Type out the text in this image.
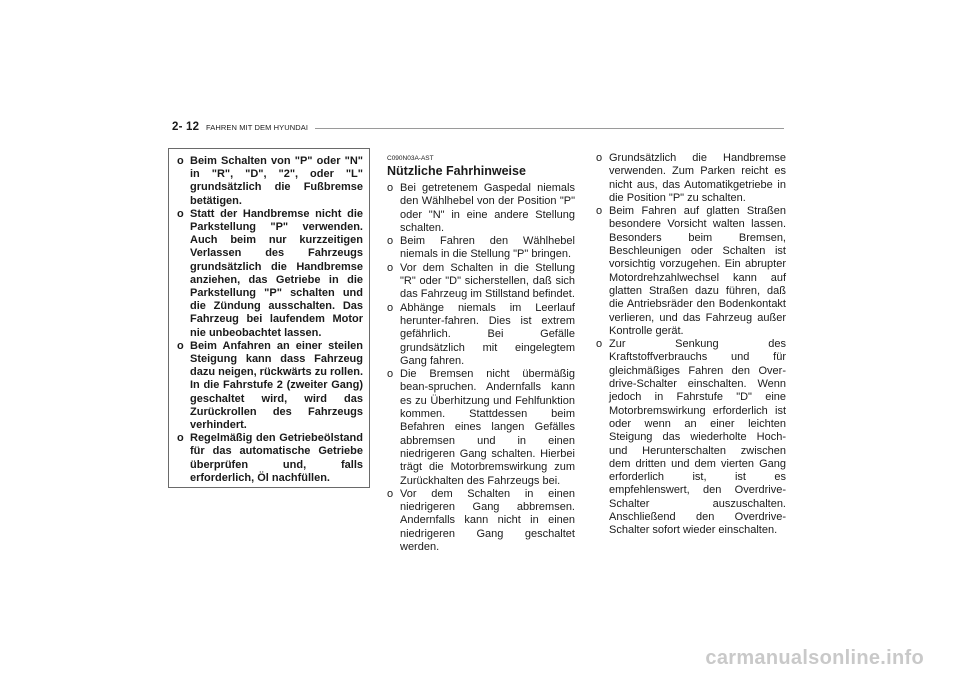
2- 12 FAHREN MIT DEM HYUNDAI
o Beim Schalten von "P" oder "N" in "R", "D", "2", oder "L" grundsätzlich die Fußbremse betätigen.
o Statt der Handbremse nicht die Parkstellung "P" verwenden. Auch beim nur kurzzeitigen Verlassen des Fahrzeugs grundsätzlich die Handbremse anziehen, das Getriebe in die Parkstellung "P" schalten und die Zündung ausschalten. Das Fahrzeug bei laufendem Motor nie unbeobachtet lassen.
o Beim Anfahren an einer steilen Steigung kann dass Fahrzeug dazu neigen, rückwärts zu rollen. In die Fahrstufe 2 (zweiter Gang) geschaltet wird, wird das Zurückrollen des Fahrzeugs verhindert.
o Regelmäßig den Getriebeölstand für das automatische Getriebe überprüfen und, falls erforderlich, Öl nachfüllen.
C090N03A-AST
Nützliche Fahrhinweise
o Bei getretenem Gaspedal niemals den Wählhebel von der Position "P" oder "N" in eine andere Stellung schalten.
o Beim Fahren den Wählhebel niemals in die Stellung "P" bringen.
o Vor dem Schalten in die Stellung "R" oder "D" sicherstellen, daß sich das Fahrzeug im Stillstand befindet.
o Abhänge niemals im Leerlauf herunter-fahren. Dies ist extrem gefährlich. Bei Gefälle grundsätzlich mit eingelegtem Gang fahren.
o Die Bremsen nicht übermäßig bean-spruchen. Andernfalls kann es zu Überhitzung und Fehlfunktion kommen. Stattdessen beim Befahren eines langen Gefälles abbremsen und in einen niedrigeren Gang schalten. Hierbei trägt die Motorbremswirkung zum Zurückhalten des Fahrzeugs bei.
o Vor dem Schalten in einen niedrigeren Gang abbremsen. Andernfalls kann nicht in einen niedrigeren Gang geschaltet werden.
o Grundsätzlich die Handbremse verwenden. Zum Parken reicht es nicht aus, das Automatikgetriebe in die Position "P" zu schalten.
o Beim Fahren auf glatten Straßen besondere Vorsicht walten lassen. Besonders beim Bremsen, Beschleunigen oder Schalten ist vorsichtig vorzugehen. Ein abrupter Motordrehzahlwechsel kann auf glatten Straßen dazu führen, daß die Antriebsräder den Bodenkontakt verlieren, und das Fahrzeug außer Kontrolle gerät.
o Zur Senkung des Kraftstoffverbrauchs und für gleichmäßiges Fahren den Over-drive-Schalter einschalten. Wenn jedoch in Fahrstufe "D" eine Motorbremswirkung erforderlich ist oder wenn an einer leichten Steigung das wiederholte Hoch- und Herunterschalten zwischen dem dritten und dem vierten Gang erforderlich ist, ist es empfehlenswert, den Overdrive-Schalter auszuschalten. Anschließend den Overdrive-Schalter sofort wieder einschalten.
carmanualsonline.info
